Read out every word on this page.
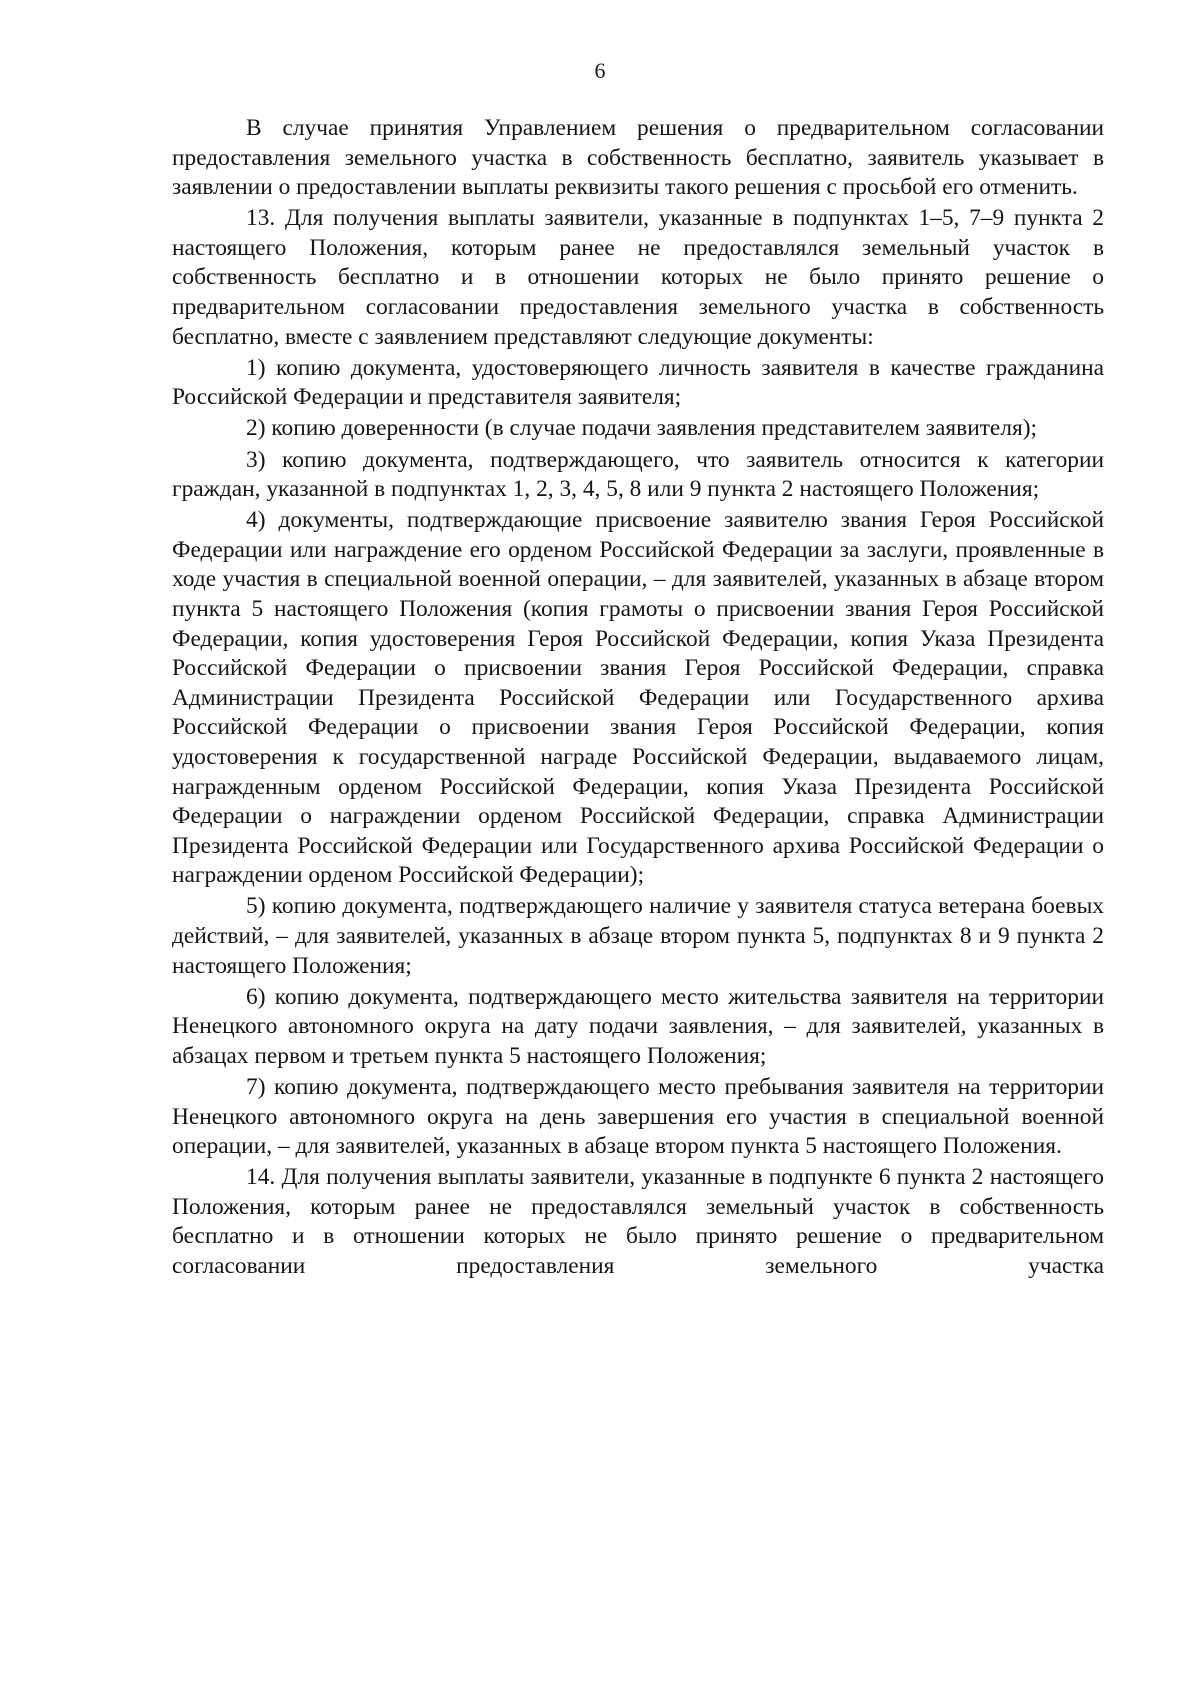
6

В случае принятия Управлением решения о предварительном согласовании предоставления земельного участка в собственность бесплатно, заявитель указывает в заявлении о предоставлении выплаты реквизиты такого решения с просьбой его отменить.

13. Для получения выплаты заявители, указанные в подпунктах 1–5, 7–9 пункта 2 настоящего Положения, которым ранее не предоставлялся земельный участок в собственность бесплатно и в отношении которых не было принято решение о предварительном согласовании предоставления земельного участка в собственность бесплатно, вместе с заявлением представляют следующие документы:

1) копию документа, удостоверяющего личность заявителя в качестве гражданина Российской Федерации и представителя заявителя;

2) копию доверенности (в случае подачи заявления представителем заявителя);

3) копию документа, подтверждающего, что заявитель относится к категории граждан, указанной в подпунктах 1, 2, 3, 4, 5, 8 или 9 пункта 2 настоящего Положения;

4) документы, подтверждающие присвоение заявителю звания Героя Российской Федерации или награждение его орденом Российской Федерации за заслуги, проявленные в ходе участия в специальной военной операции, – для заявителей, указанных в абзаце втором пункта 5 настоящего Положения (копия грамоты о присвоении звания Героя Российской Федерации, копия удостоверения Героя Российской Федерации, копия Указа Президента Российской Федерации о присвоении звания Героя Российской Федерации, справка Администрации Президента Российской Федерации или Государственного архива Российской Федерации о присвоении звания Героя Российской Федерации, копия удостоверения к государственной награде Российской Федерации, выдаваемого лицам, награжденным орденом Российской Федерации, копия Указа Президента Российской Федерации о награждении орденом Российской Федерации, справка Администрации Президента Российской Федерации или Государственного архива Российской Федерации о награждении орденом Российской Федерации);

5) копию документа, подтверждающего наличие у заявителя статуса ветерана боевых действий, – для заявителей, указанных в абзаце втором пункта 5, подпунктах 8 и 9 пункта 2 настоящего Положения;

6) копию документа, подтверждающего место жительства заявителя на территории Ненецкого автономного округа на дату подачи заявления, – для заявителей, указанных в абзацах первом и третьем пункта 5 настоящего Положения;

7) копию документа, подтверждающего место пребывания заявителя на территории Ненецкого автономного округа на день завершения его участия в специальной военной операции, – для заявителей, указанных в абзаце втором пункта 5 настоящего Положения.

14. Для получения выплаты заявители, указанные в подпункте 6 пункта 2 настоящего Положения, которым ранее не предоставлялся земельный участок в собственность бесплатно и в отношении которых не было принято решение о предварительном согласовании предоставления земельного участка
